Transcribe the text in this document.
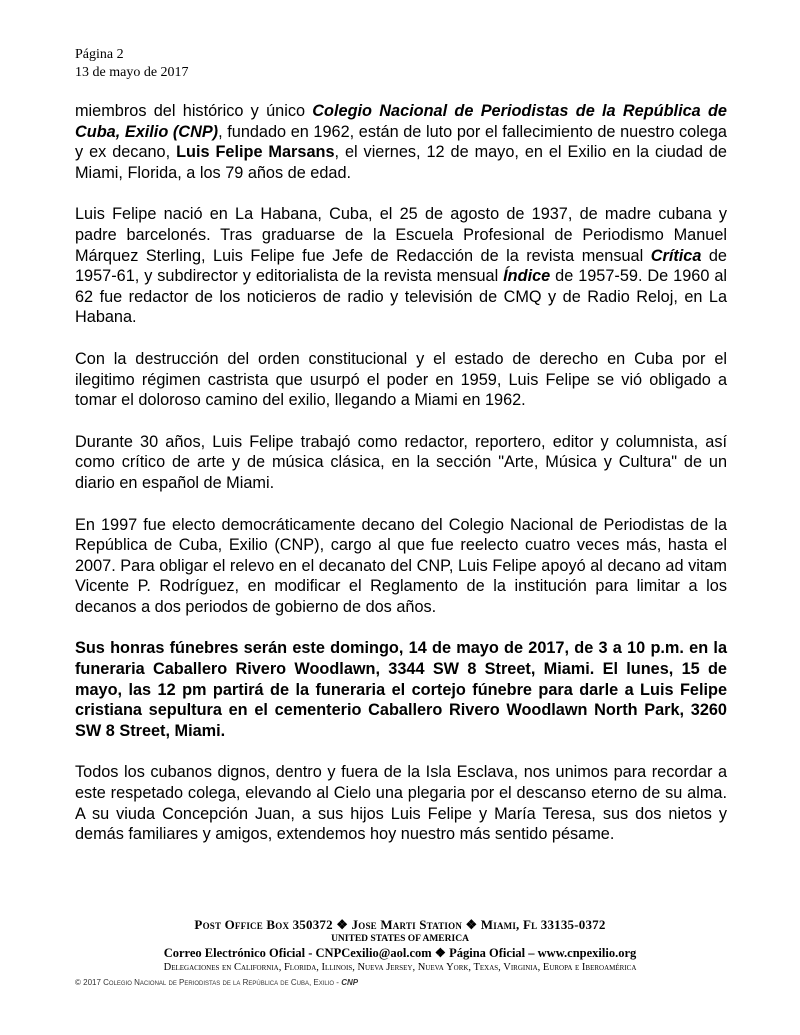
Página 2
13 de mayo de 2017

miembros del histórico y único Colegio Nacional de Periodistas de la República de Cuba, Exilio (CNP), fundado en 1962, están de luto por el fallecimiento de nuestro colega y ex decano, Luis Felipe Marsans, el viernes, 12 de mayo, en el Exilio en la ciudad de Miami, Florida, a los 79 años de edad.

Luis Felipe nació en La Habana, Cuba, el 25 de agosto de 1937, de madre cubana y padre barcelonés. Tras graduarse de la Escuela Profesional de Periodismo Manuel Márquez Sterling, Luis Felipe fue Jefe de Redacción de la revista mensual Crítica de 1957-61, y subdirector y editorialista de la revista mensual Índice de 1957-59. De 1960 al 62 fue redactor de los noticieros de radio y televisión de CMQ y de Radio Reloj, en La Habana.

Con la destrucción del orden constitucional y el estado de derecho en Cuba por el ilegitimo régimen castrista que usurpó el poder en 1959, Luis Felipe se vió obligado a tomar el doloroso camino del exilio, llegando a Miami en 1962.

Durante 30 años, Luis Felipe trabajó como redactor, reportero, editor y columnista, así como crítico de arte y de música clásica, en la sección "Arte, Música y Cultura" de un diario en español de Miami.

En 1997 fue electo democráticamente decano del Colegio Nacional de Periodistas de la República de Cuba, Exilio (CNP), cargo al que fue reelecto cuatro veces más, hasta el 2007. Para obligar el relevo en el decanato del CNP, Luis Felipe apoyó al decano ad vitam Vicente P. Rodríguez, en modificar el Reglamento de la institución para limitar a los decanos a dos periodos de gobierno de dos años.

Sus honras fúnebres serán este domingo, 14 de mayo de 2017, de 3 a 10 p.m. en la funeraria Caballero Rivero Woodlawn, 3344 SW 8 Street, Miami. El lunes, 15 de mayo, las 12 pm partirá de la funeraria el cortejo fúnebre para darle a Luis Felipe cristiana sepultura en el cementerio Caballero Rivero Woodlawn North Park, 3260 SW 8 Street, Miami.

Todos los cubanos dignos, dentro y fuera de la Isla Esclava, nos unimos para recordar a este respetado colega, elevando al Cielo una plegaria por el descanso eterno de su alma. A su viuda Concepción Juan, a sus hijos Luis Felipe y María Teresa, sus dos nietos y demás familiares y amigos, extendemos hoy nuestro más sentido pésame.

Post Office Box 350372 ❖ Jose Marti Station ❖ Miami, Fl 33135-0372
UNITED STATES OF AMERICA
Correo Electrónico Oficial - CNPCexilio@aol.com ❖ Página Oficial – www.cnpexilio.org
Delegaciones en California, Florida, Illinois, Nueva Jersey, Nueva York, Texas, Virginia, Europa e Iberoamérica
© 2017 Colegio Nacional de Periodistas de la República de Cuba, Exilio - CNP
